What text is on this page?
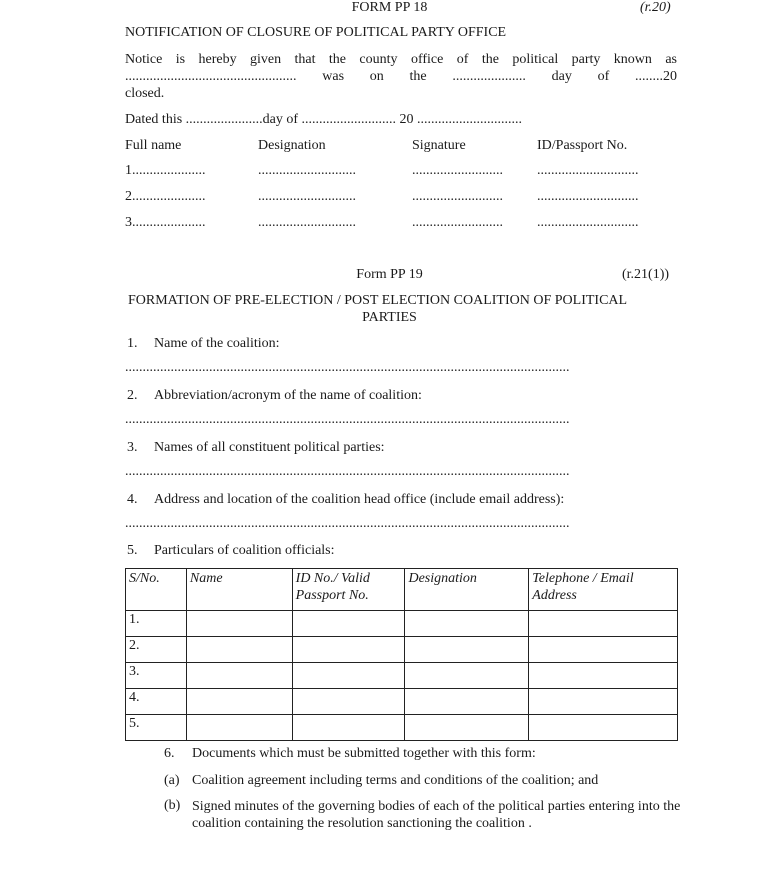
FORM PP 18	(r.20)
NOTIFICATION OF CLOSURE OF POLITICAL PARTY OFFICE
Notice is hereby given that the county office of the political party known as
................................................. was on the ..................... day of ........20
closed.
Dated this ......................day of ........................... 20 ..............................
Full name	Designation	Signature	ID/Passport No.
1.....................	............................	.......................... .............................
2.....................	............................	.......................... .............................
3.....................	............................	.......................... .............................
Form PP 19	(r.21(1))
FORMATION OF PRE-ELECTION / POST ELECTION COALITION OF POLITICAL
PARTIES
1. Name of the coalition:
...............................................................................................................................
2. Abbreviation/acronym of the name of coalition:
...............................................................................................................................
3. Names of all constituent political parties:
...............................................................................................................................
4. Address and location of the coalition head office (include email address):
...............................................................................................................................
5. Particulars of coalition officials:
S/No.	Name	ID No./ Valid Passport No.	Designation	Telephone / Email Address
1.				
2.				
3.				
4.				
5.				
6. Documents which must be submitted together with this form:
(a) Coalition agreement including terms and conditions of the coalition; and
(b) Signed minutes of the governing bodies of each of the political parties entering into the coalition containing the resolution sanctioning the coalition .
